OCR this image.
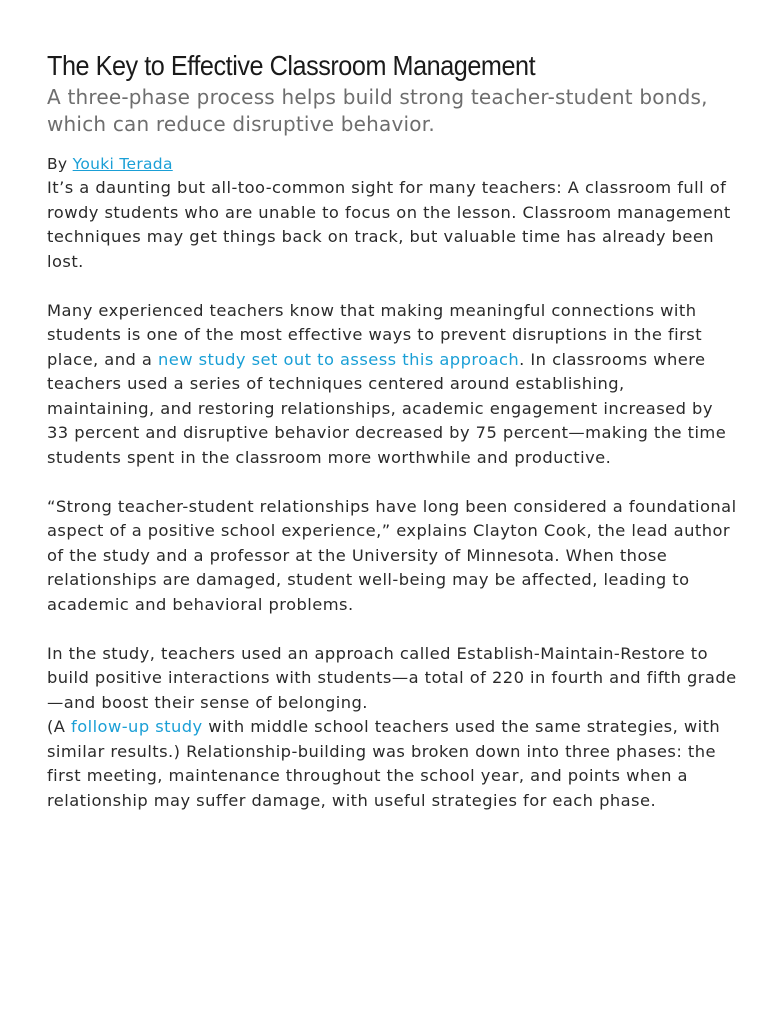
The Key to Effective Classroom Management
A three-phase process helps build strong teacher-student bonds, which can reduce disruptive behavior.
By Youki Terada

It’s a daunting but all-too-common sight for many teachers: A classroom full of rowdy students who are unable to focus on the lesson. Classroom management techniques may get things back on track, but valuable time has already been lost.

Many experienced teachers know that making meaningful connections with students is one of the most effective ways to prevent disruptions in the first place, and a new study set out to assess this approach. In classrooms where teachers used a series of techniques centered around establishing, maintaining, and restoring relationships, academic engagement increased by 33 percent and disruptive behavior decreased by 75 percent—making the time students spent in the classroom more worthwhile and productive.

“Strong teacher-student relationships have long been considered a foundational aspect of a positive school experience,” explains Clayton Cook, the lead author of the study and a professor at the University of Minnesota. When those relationships are damaged, student well-being may be affected, leading to academic and behavioral problems.

In the study, teachers used an approach called Establish-Maintain-Restore to build positive interactions with students—a total of 220 in fourth and fifth grade—and boost their sense of belonging.

(A follow-up study with middle school teachers used the same strategies, with similar results.) Relationship-building was broken down into three phases: the first meeting, maintenance throughout the school year, and points when a relationship may suffer damage, with useful strategies for each phase.
